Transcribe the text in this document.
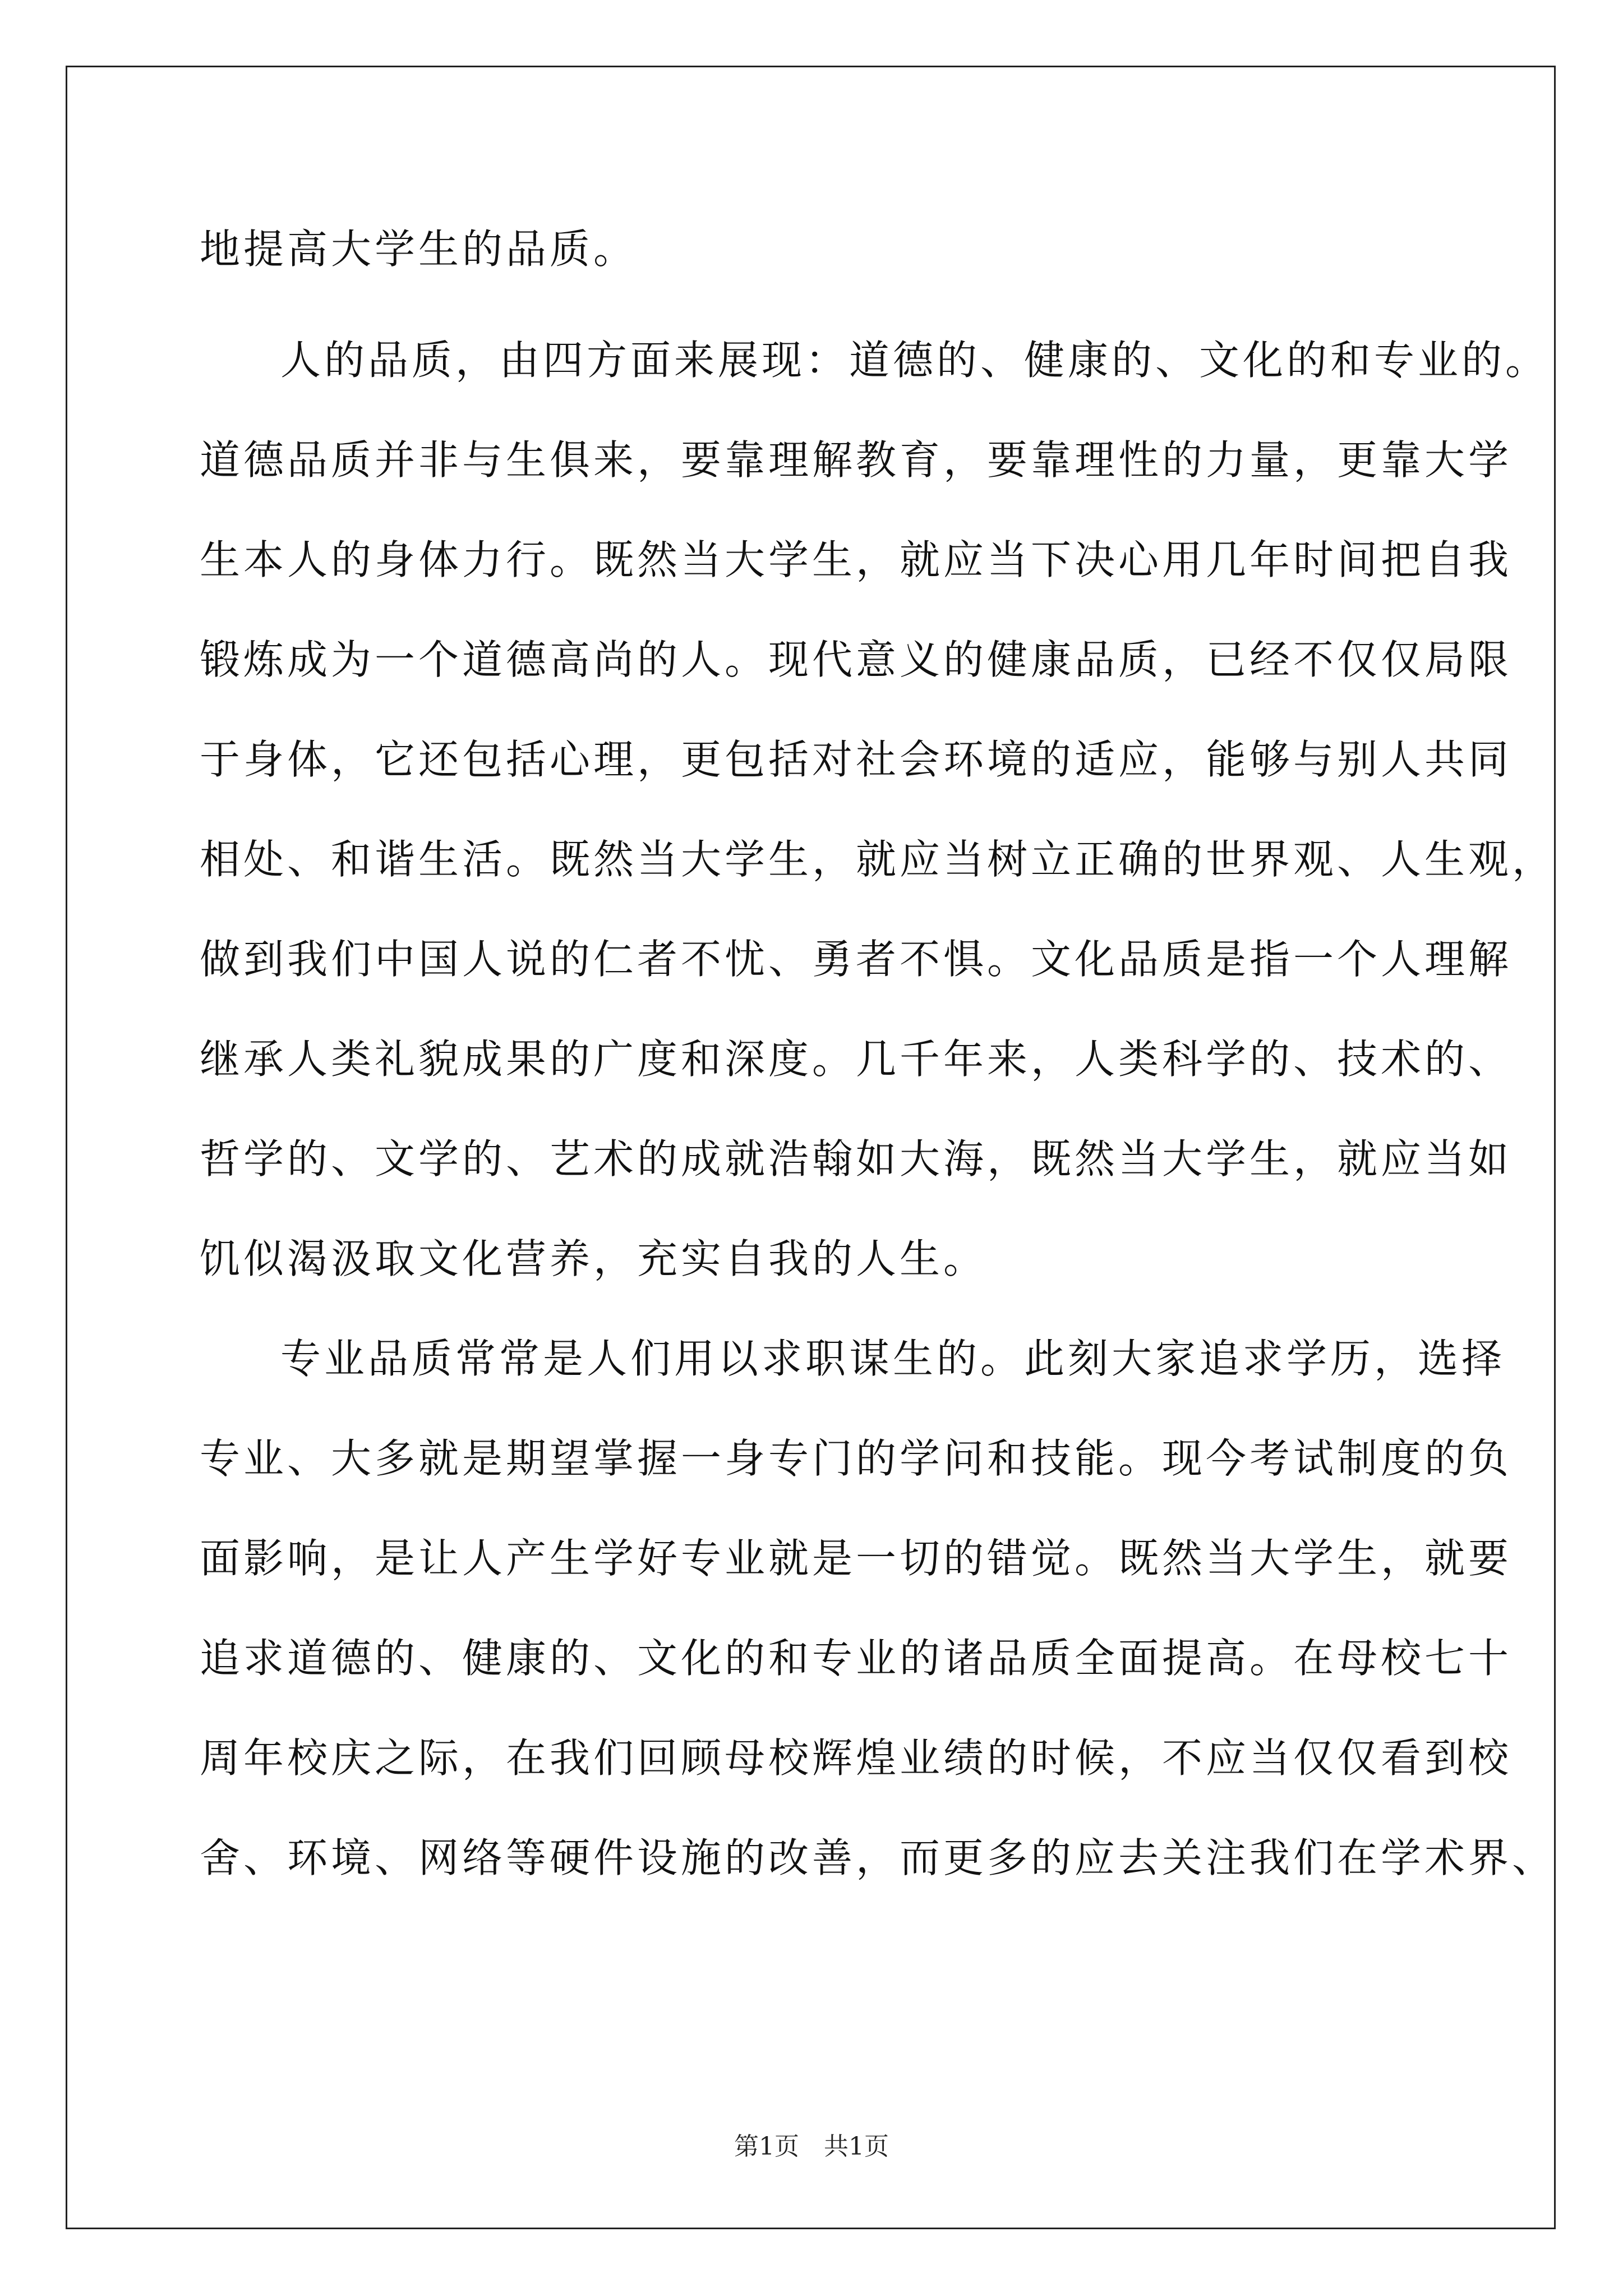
地提高大学生的品质。
人的品质，由四方面来展现：道德的、健康的、文化的和专业的。
道德品质并非与生俱来，要靠理解教育，要靠理性的力量，更靠大学
生本人的身体力行。既然当大学生，就应当下决心用几年时间把自我
锻炼成为一个道德高尚的人。现代意义的健康品质，已经不仅仅局限
于身体，它还包括心理，更包括对社会环境的适应，能够与别人共同
相处、和谐生活。既然当大学生，就应当树立正确的世界观、人生观，
做到我们中国人说的仁者不忧、勇者不惧。文化品质是指一个人理解
继承人类礼貌成果的广度和深度。几千年来，人类科学的、技术的、
哲学的、文学的、艺术的成就浩翰如大海，既然当大学生，就应当如
饥似渴汲取文化营养，充实自我的人生。
专业品质常常是人们用以求职谋生的。此刻大家追求学历，选择
专业、大多就是期望掌握一身专门的学问和技能。现今考试制度的负
面影响，是让人产生学好专业就是一切的错觉。既然当大学生，就要
追求道德的、健康的、文化的和专业的诸品质全面提高。在母校七十
周年校庆之际，在我们回顾母校辉煌业绩的时候，不应当仅仅看到校
舍、环境、网络等硬件设施的改善，而更多的应去关注我们在学术界、
第1页　共1页
